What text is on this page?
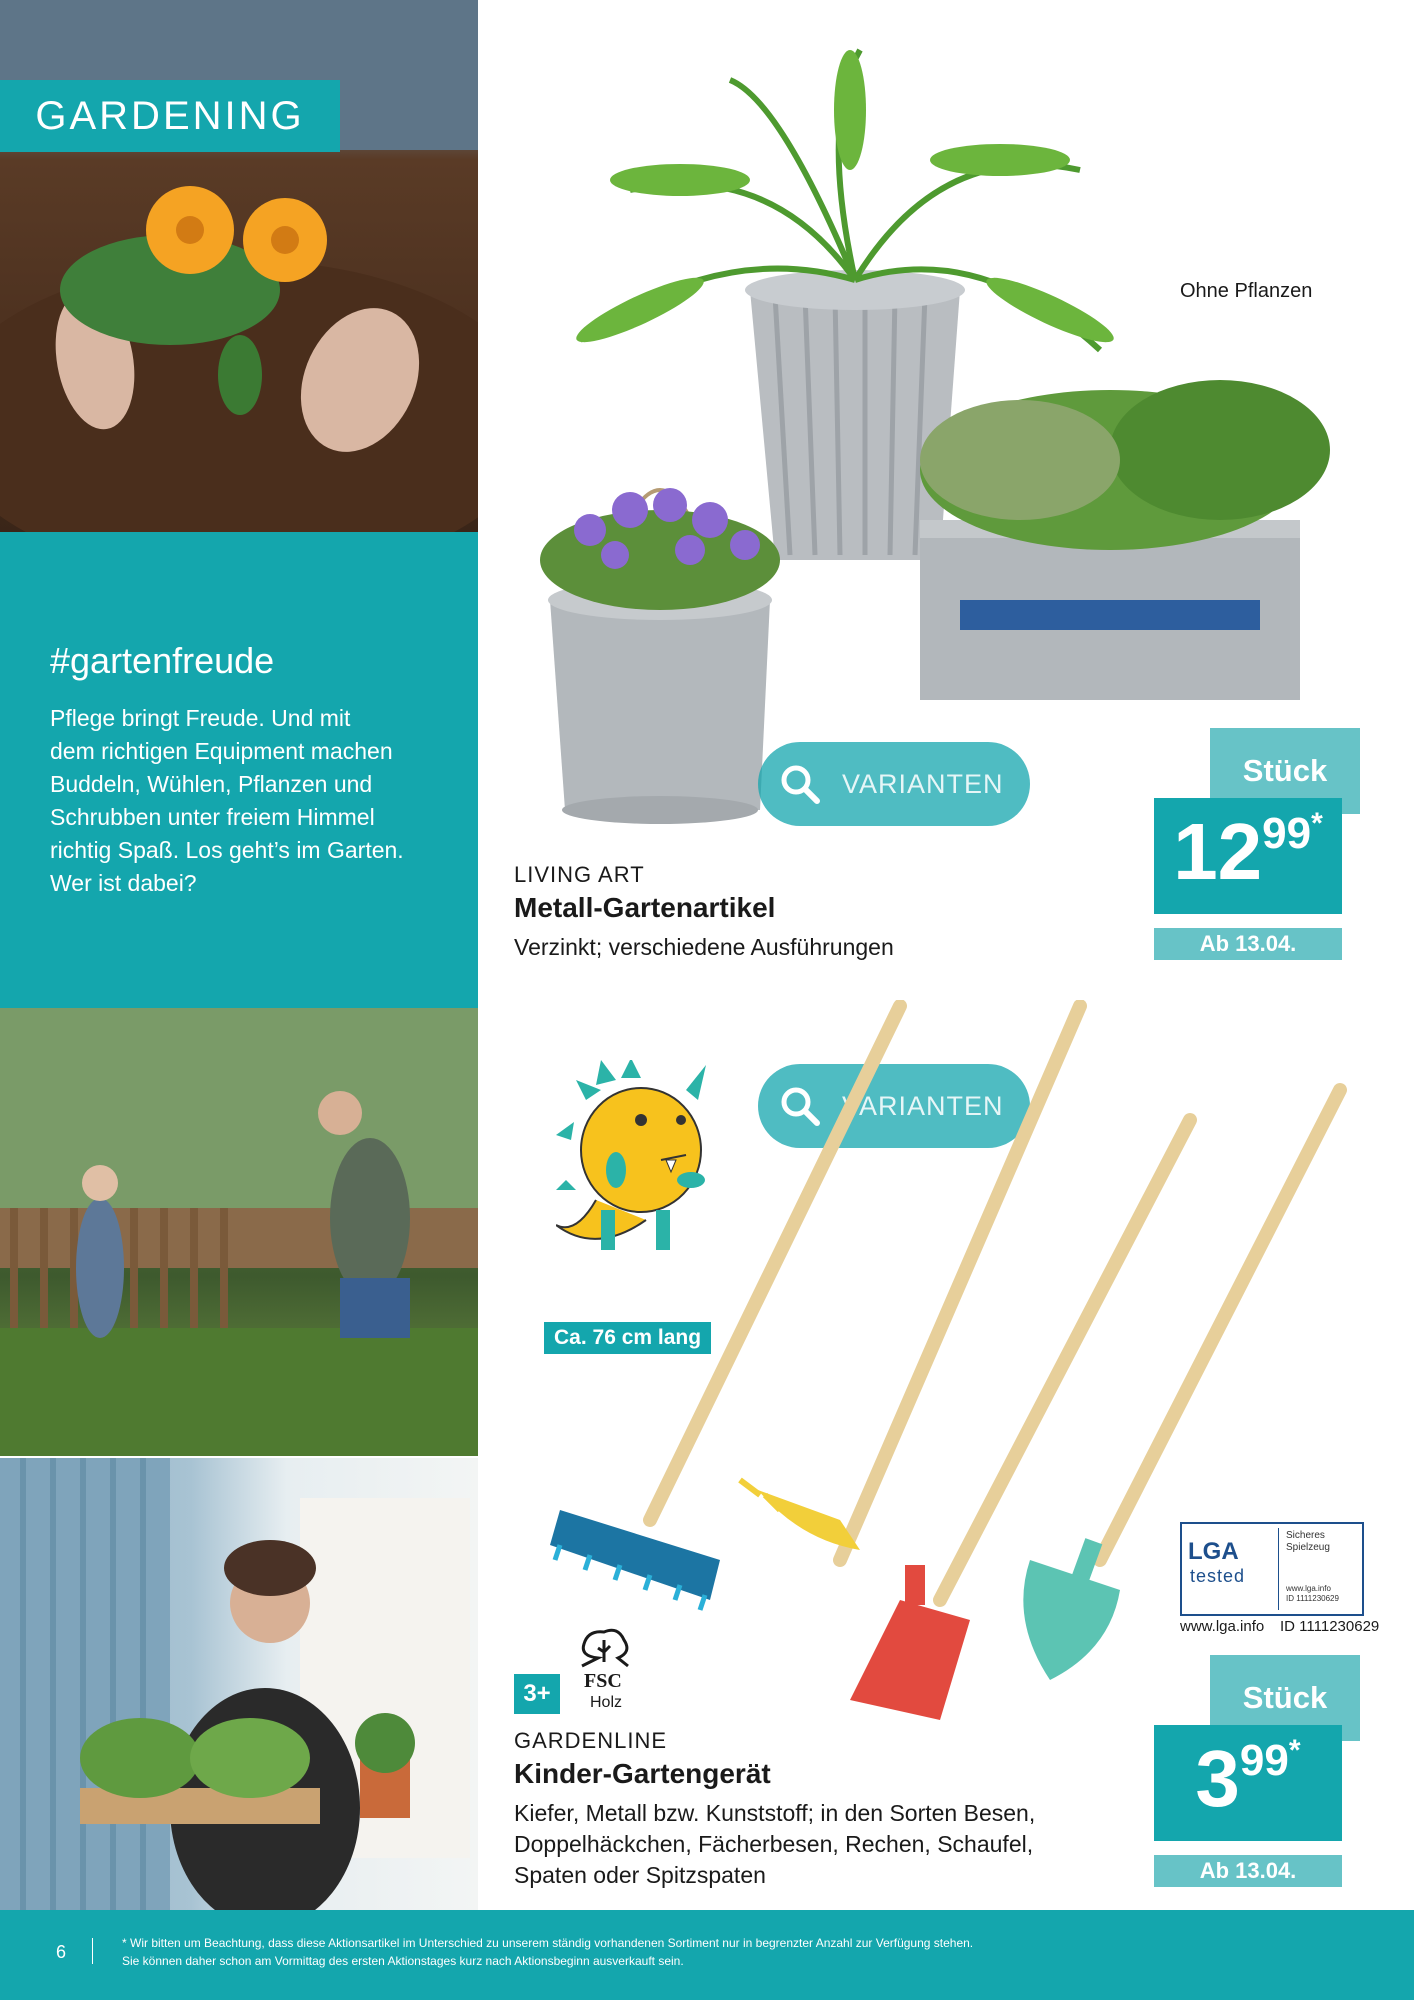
GARDENING
#gartenfreude
Pflege bringt Freude. Und mit
dem richtigen Equipment machen
Buddeln, Wühlen, Pflanzen und
Schrubben unter freiem Himmel
richtig Spaß. Los geht’s im Garten.
Wer ist dabei?
Ohne Pflanzen
VARIANTEN
LIVING ART
Metall-Gartenartikel
Verzinkt; verschiedene Ausführungen
Stück
12 99 *
Ab 13.04.
VARIANTEN
Ca. 76 cm lang
LGA
tested
Sicheres
Spielzeug
www.lga.info
ID 1111230629
www.lga.info ID 1111230629
3+	FSC
Holz
GARDENLINE
Kinder-Gartengerät
Kiefer, Metall bzw. Kunststoff; in den Sorten Besen,
Doppelhäckchen, Fächerbesen, Rechen, Schaufel,
Spaten oder Spitzspaten
Stück
3 99 *
Ab 13.04.
6	* Wir bitten um Beachtung, dass diese Aktionsartikel im Unterschied zu unserem ständig vorhandenen Sortiment nur in begrenzter Anzahl zur Verfügung stehen.
Sie können daher schon am Vormittag des ersten Aktionstages kurz nach Aktionsbeginn ausverkauft sein.
